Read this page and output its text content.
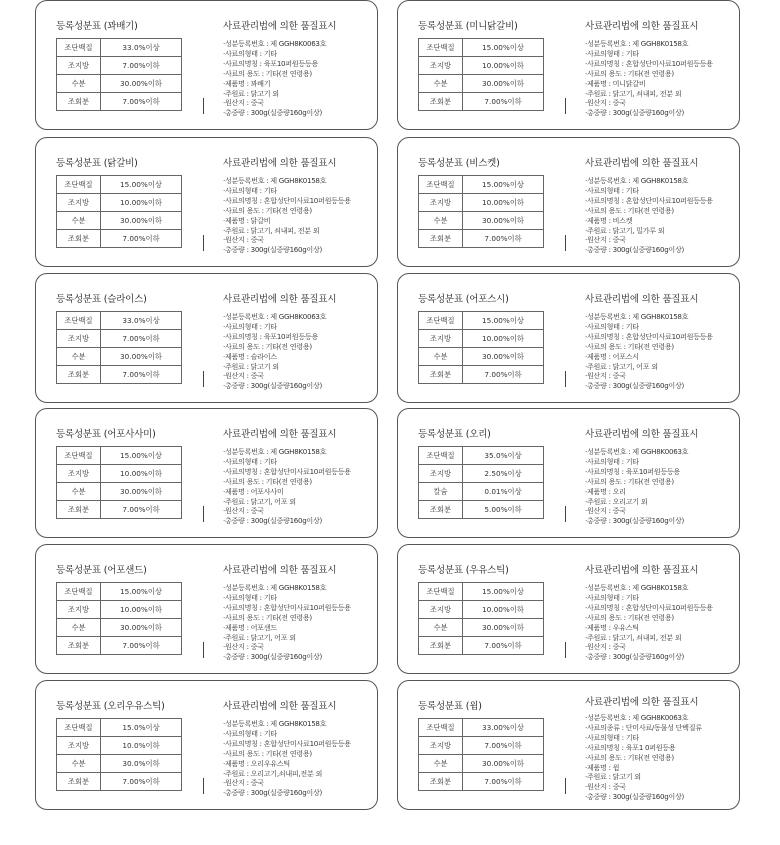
등록성분표 (꽈배기)
조단백질	33.0%이상
조지방	7.00%이하
수분	30.00%이하
조회분	7.00%이하
사료관리법에 의한 품질표시
·성분등록번호 : 제 GGH8K0063호
·사료의형태 : 기타
·사료의명칭 : 육포10퍼원등등용
·사료의 용도 : 기타(전 연령용)
·제품명 : 꽈배기
·주원료 : 닭고기 외
·원산지 : 중국
·총중량 : 300g(실중량160g이상)
등록성분표 (미니닭갈비)
조단백질	15.00%이상
조지방	10.00%이하
수분	30.00%이하
조회분	7.00%이하
사료관리법에 의한 품질표시
·성분등록번호 : 제 GGH8K0158호
·사료의형태 : 기타
·사료의명칭 : 혼합성단미사료10퍼원등등용
·사료의 용도 : 기타(전 연령용)
·제품명 : 미니닭갈비
·주원료 : 닭고기, 쇠내피, 전분 외
·원산지 : 중국
·총중량 : 300g(실중량160g이상)
등록성분표 (닭갈비)
조단백질	15.00%이상
조지방	10.00%이하
수분	30.00%이하
조회분	7.00%이하
사료관리법에 의한 품질표시
·성분등록번호 : 제 GGH8K0158호
·사료의형태 : 기타
·사료의명칭 : 혼합성단미사료10퍼원등등용
·사료의 용도 : 기타(전 연령용)
·제품명 : 닭갈비
·주원료 : 닭고기, 쇠내피, 전분 외
·원산지 : 중국
·총중량 : 300g(실중량160g이상)
등록성분표 (비스켓)
조단백질	15.00%이상
조지방	10.00%이하
수분	30.00%이하
조회분	7.00%이하
사료관리법에 의한 품질표시
·성분등록번호 : 제 GGH8K0158호
·사료의형태 : 기타
·사료의명칭 : 혼합성단미사료10퍼원등등용
·사료의 용도 : 기타(전 연령용)
·제품명 : 비스켓
·주원료 : 닭고기, 밀가루 외
·원산지 : 중국
·총중량 : 300g(실중량160g이상)
등록성분표 (슬라이스)
조단백질	33.0%이상
조지방	7.00%이하
수분	30.00%이하
조회분	7.00%이하
사료관리법에 의한 품질표시
·성분등록번호 : 제 GGH8K0063호
·사료의형태 : 기타
·사료의명칭 : 육포10퍼원등등용
·사료의 용도 : 기타(전 연령용)
·제품명 : 슬라이스
·주원료 : 닭고기 외
·원산지 : 중국
·총중량 : 300g(실중량160g이상)
등록성분표 (어포스시)
조단백질	15.00%이상
조지방	10.00%이하
수분	30.00%이하
조회분	7.00%이하
사료관리법에 의한 품질표시
·성분등록번호 : 제 GGH8K0158호
·사료의형태 : 기타
·사료의명칭 : 혼합성단미사료10퍼원등등용
·사료의 용도 : 기타(전 연령용)
·제품명 : 어포스시
·주원료 : 닭고기, 어포 외
·원산지 : 중국
·총중량 : 300g(실중량160g이상)
등록성분표 (어포사사미)
조단백질	15.00%이상
조지방	10.00%이하
수분	30.00%이하
조회분	7.00%이하
사료관리법에 의한 품질표시
·성분등록번호 : 제 GGH8K0158호
·사료의형태 : 기타
·사료의명칭 : 혼합성단미사료10퍼원등등용
·사료의 용도 : 기타(전 연령용)
·제품명 : 어포사사미
·주원료 : 닭고기, 어포 외
·원산지 : 중국
·총중량 : 300g(실중량160g이상)
등록성분표 (오리)
조단백질	35.0%이상
조지방	2.50%이상
칼슘	0.01%이상
조회분	5.00%이하
사료관리법에 의한 품질표시
·성분등록번호 : 제 GGH8K0063호
·사료의형태 : 기타
·사료의명칭 : 육포10퍼원등등용
·사료의 용도 : 기타(전 연령용)
·제품명 : 오리
·주원료 : 오리고기 외
·원산지 : 중국
·총중량 : 300g(실중량160g이상)
등록성분표 (어포샌드)
조단백질	15.00%이상
조지방	10.00%이하
수분	30.00%이하
조회분	7.00%이하
사료관리법에 의한 품질표시
·성분등록번호 : 제 GGH8K0158호
·사료의형태 : 기타
·사료의명칭 : 혼합성단미사료10퍼원등등용
·사료의 용도 : 기타(전 연령용)
·제품명 : 어포샌드
·주원료 : 닭고기, 어포 외
·원산지 : 중국
·총중량 : 300g(실중량160g이상)
등록성분표 (우유스틱)
조단백질	15.00%이상
조지방	10.00%이하
수분	30.00%이하
조회분	7.00%이하
사료관리법에 의한 품질표시
·성분등록번호 : 제 GGH8K0158호
·사료의형태 : 기타
·사료의명칭 : 혼합성단미사료10퍼원등등용
·사료의 용도 : 기타(전 연령용)
·제품명 : 우유스틱
·주원료 : 닭고기, 쇠내피, 전분 외
·원산지 : 중국
·총중량 : 300g(실중량160g이상)
등록성분표 (오리우유스틱)
조단백질	15.0%이상
조지방	10.0%이하
수분	30.0%이하
조회분	7.00%이하
사료관리법에 의한 품질표시
·성분등록번호 : 제 GGH8K0158호
·사료의형태 : 기타
·사료의명칭 : 혼합성단미사료10퍼원등등용
·사료의 용도 : 기타(전 연령용)
·제품명 : 오리우유스틱
·주원료 : 오리고기,쇠내피,전분 외
·원산지 : 중국
·총중량 : 300g(실중량160g이상)
등록성분표 (윔)
조단백질	33.00%이상
조지방	7.00%이하
수분	30.00%이하
조회분	7.00%이하
사료관리법에 의한 품질표시
·성분등록번호 : 제 GGH8K0063호
·사료의종류 : 단미사료/동물성 단백질류
·사료의형태 : 기타
·사료의명칭 : 육포1 0퍼원등용
·사료의 용도 : 기타(전 연령용)
·제품명 : 윔
·주원료 : 닭고기 외
·원산지 : 중국
·총중량 : 300g(실중량160g이상)
